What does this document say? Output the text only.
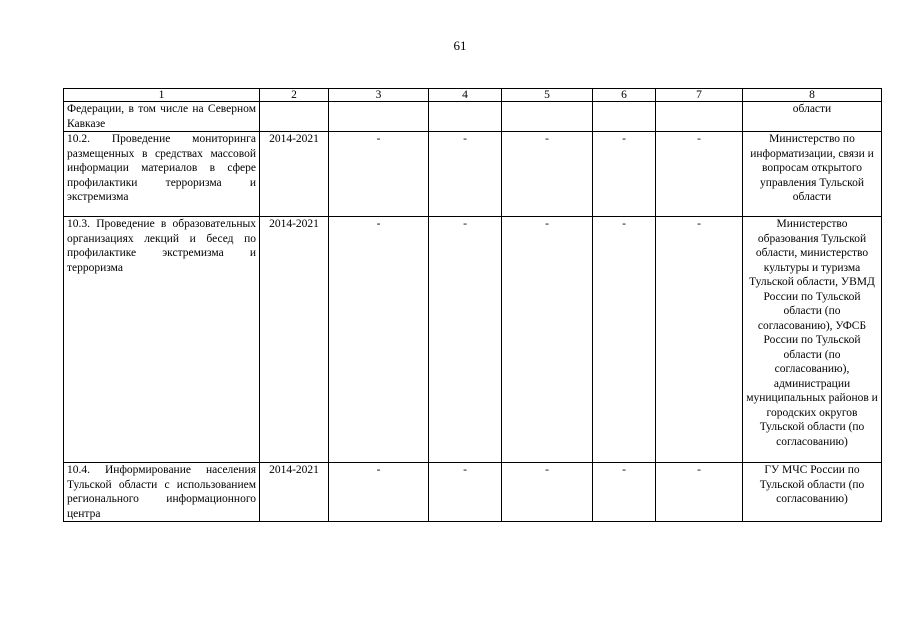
61
1	2	3	4	5	6	7	8
Федерации, в том числе на Северном Кавказе							области
10.2. Проведение мониторинга размещенных в средствах массовой информации материалов в сфере профилактики терроризма и экстремизма	2014-2021	-	-	-	-	-	Министерство по информатизации, связи и вопросам открытого управления Тульской области
10.3. Проведение в образовательных организациях лекций и бесед по профилактике экстремизма и терроризма	2014-2021	-	-	-	-	-	Министерство образования Тульской области, министерство культуры и туризма Тульской области, УВМД России по Тульской области (по согласованию), УФСБ России по Тульской области (по согласованию), администрации муниципальных районов и городских округов Тульской области (по согласованию)
10.4. Информирование населения Тульской области с использованием регионального информационного центра	2014-2021	-	-	-	-	-	ГУ МЧС России по Тульской области (по согласованию)
